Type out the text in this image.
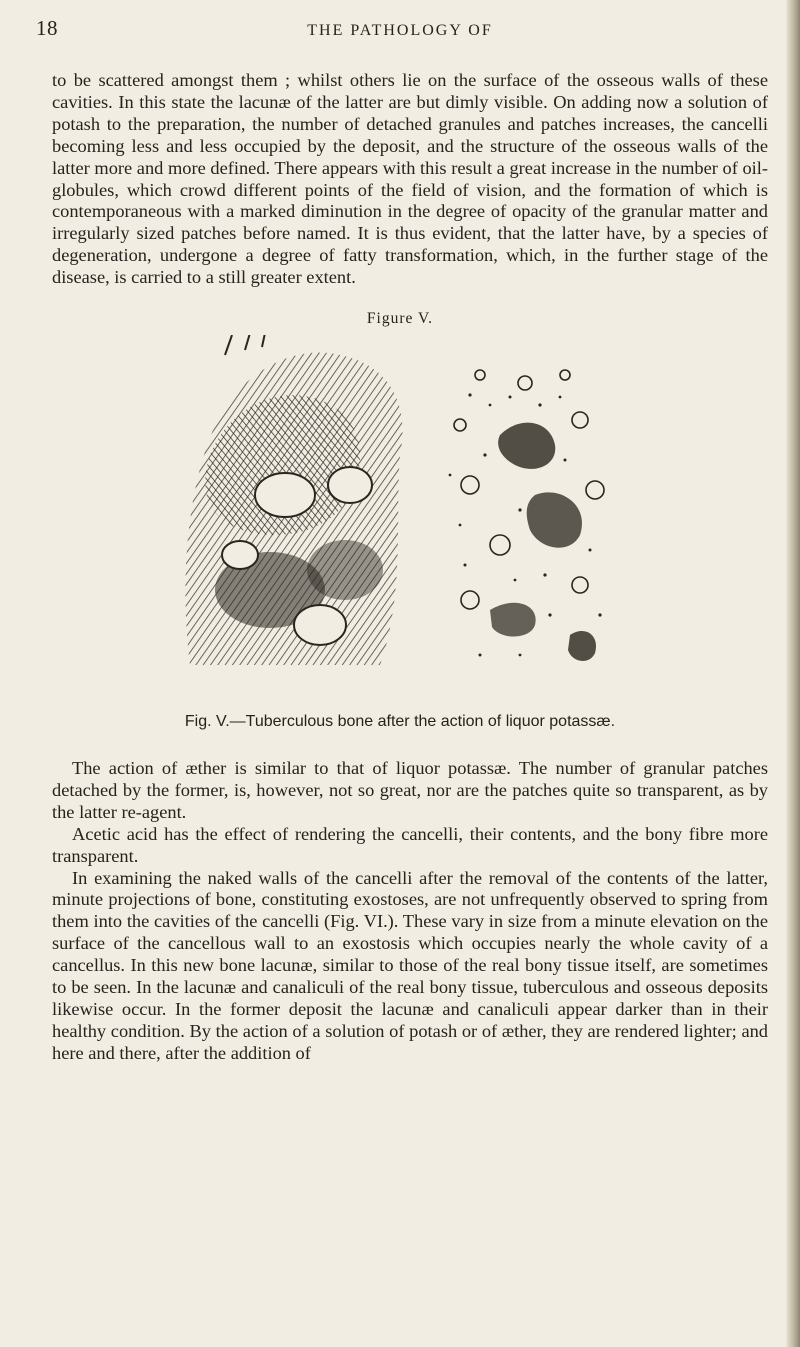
18	THE PATHOLOGY OF

to be scattered amongst them ; whilst others lie on the surface of the osseous walls of these cavities. In this state the lacunæ of the latter are but dimly visible. On adding now a solution of potash to the preparation, the number of detached granules and patches increases, the cancelli becoming less and less occupied by the deposit, and the structure of the osseous walls of the latter more and more defined. There appears with this result a great increase in the number of oil-globules, which crowd different points of the field of vision, and the formation of which is contemporaneous with a marked diminution in the degree of opacity of the granular matter and irregularly sized patches before named. It is thus evident, that the latter have, by a species of degeneration, undergone a degree of fatty transformation, which, in the further stage of the disease, is carried to a still greater extent.

Figure V.
Fig. V.—Tuberculous bone after the action of liquor potassæ.

The action of æther is similar to that of liquor potassæ. The number of granular patches detached by the former, is, however, not so great, nor are the patches quite so transparent, as by the latter re-agent.

Acetic acid has the effect of rendering the cancelli, their contents, and the bony fibre more transparent.

In examining the naked walls of the cancelli after the removal of the contents of the latter, minute projections of bone, constituting exostoses, are not unfrequently observed to spring from them into the cavities of the cancelli (Fig. VI.). These vary in size from a minute elevation on the surface of the cancellous wall to an exostosis which occupies nearly the whole cavity of a cancellus. In this new bone lacunæ, similar to those of the real bony tissue itself, are sometimes to be seen. In the lacunæ and canaliculi of the real bony tissue, tuberculous and osseous deposits likewise occur. In the former deposit the lacunæ and canaliculi appear darker than in their healthy condition. By the action of a solution of potash or of æther, they are rendered lighter; and here and there, after the addition of
